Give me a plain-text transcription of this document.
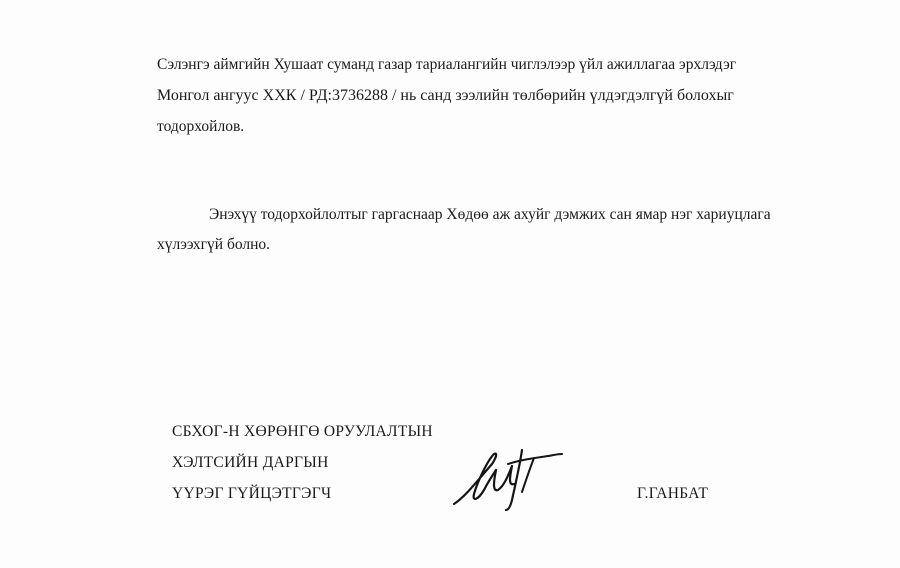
Сэлэнгэ аймгийн Хушаат суманд газар тариалангийн чиглэлээр үйл ажиллагаа эрхлэдэг
Монгол ангуус ХХК / РД:3736288 / нь санд зээлийн төлбөрийн үлдэгдэлгүй болохыг
тодорхойлов.
Энэхүү тодорхойлолтыг гаргаснаар Хөдөө аж ахуйг дэмжих сан ямар нэг хариуцлага
хүлээхгүй болно.
СБХОГ-Н ХӨРӨНГӨ ОРУУЛАЛТЫН
ХЭЛТСИЙН ДАРГЫН
ҮҮРЭГ ГҮЙЦЭТГЭГЧ	Г.ГАНБАТ
